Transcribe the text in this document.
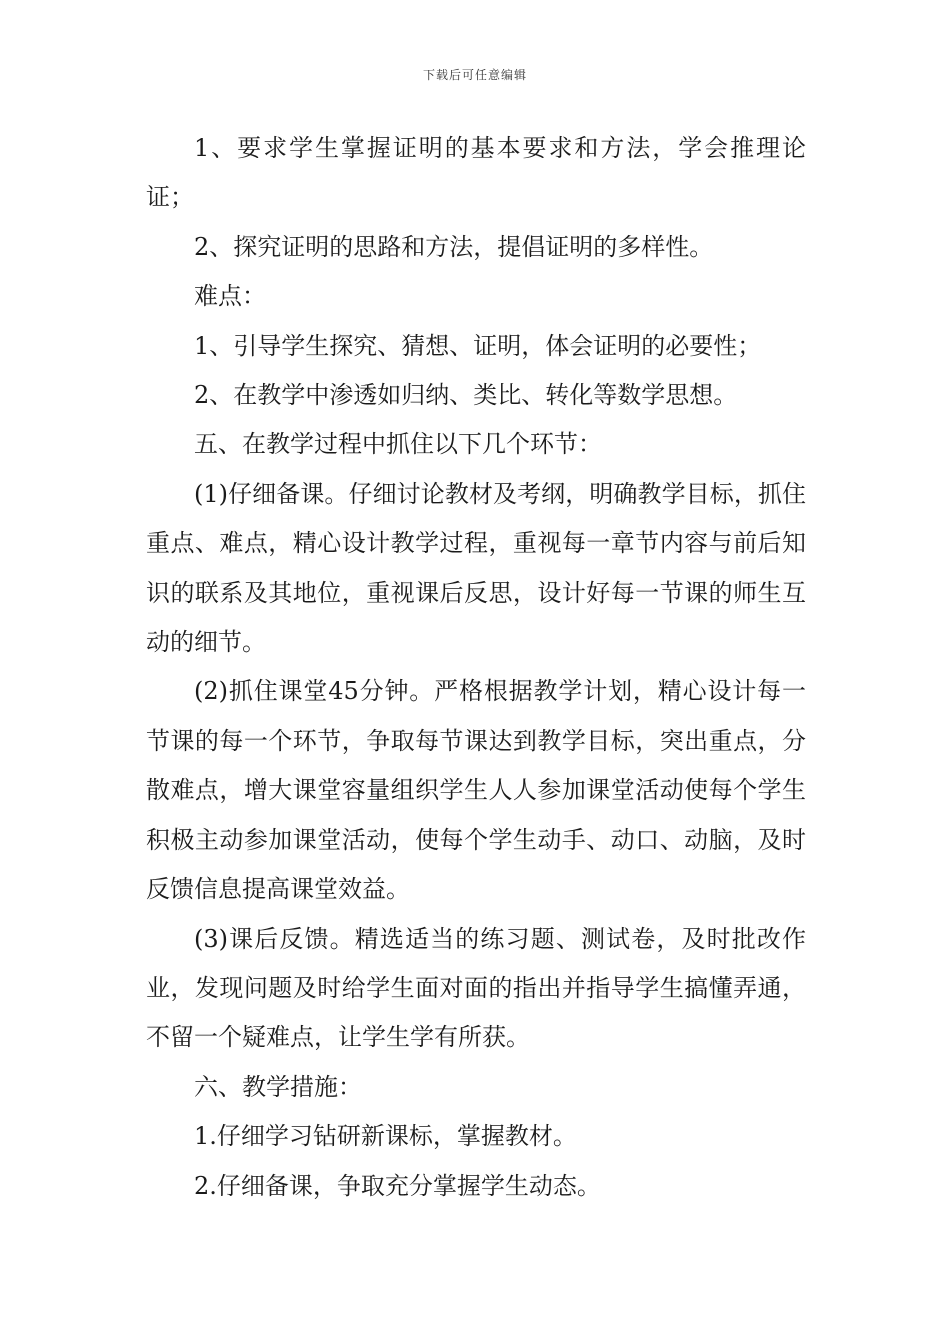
下载后可任意编辑

1、要求学生掌握证明的基本要求和方法，学会推理论证；

2、探究证明的思路和方法，提倡证明的多样性。

难点：

1、引导学生探究、猜想、证明，体会证明的必要性；

2、在教学中渗透如归纳、类比、转化等数学思想。

五、在教学过程中抓住以下几个环节：

(1)仔细备课。仔细讨论教材及考纲，明确教学目标，抓住重点、难点，精心设计教学过程，重视每一章节内容与前后知识的联系及其地位，重视课后反思，设计好每一节课的师生互动的细节。

(2)抓住课堂45分钟。严格根据教学计划，精心设计每一节课的每一个环节，争取每节课达到教学目标，突出重点，分散难点，增大课堂容量组织学生人人参加课堂活动使每个学生积极主动参加课堂活动，使每个学生动手、动口、动脑，及时反馈信息提高课堂效益。

(3)课后反馈。精选适当的练习题、测试卷，及时批改作业，发现问题及时给学生面对面的指出并指导学生搞懂弄通，不留一个疑难点，让学生学有所获。

六、教学措施：

1.仔细学习钻研新课标，掌握教材。

2.仔细备课，争取充分掌握学生动态。
